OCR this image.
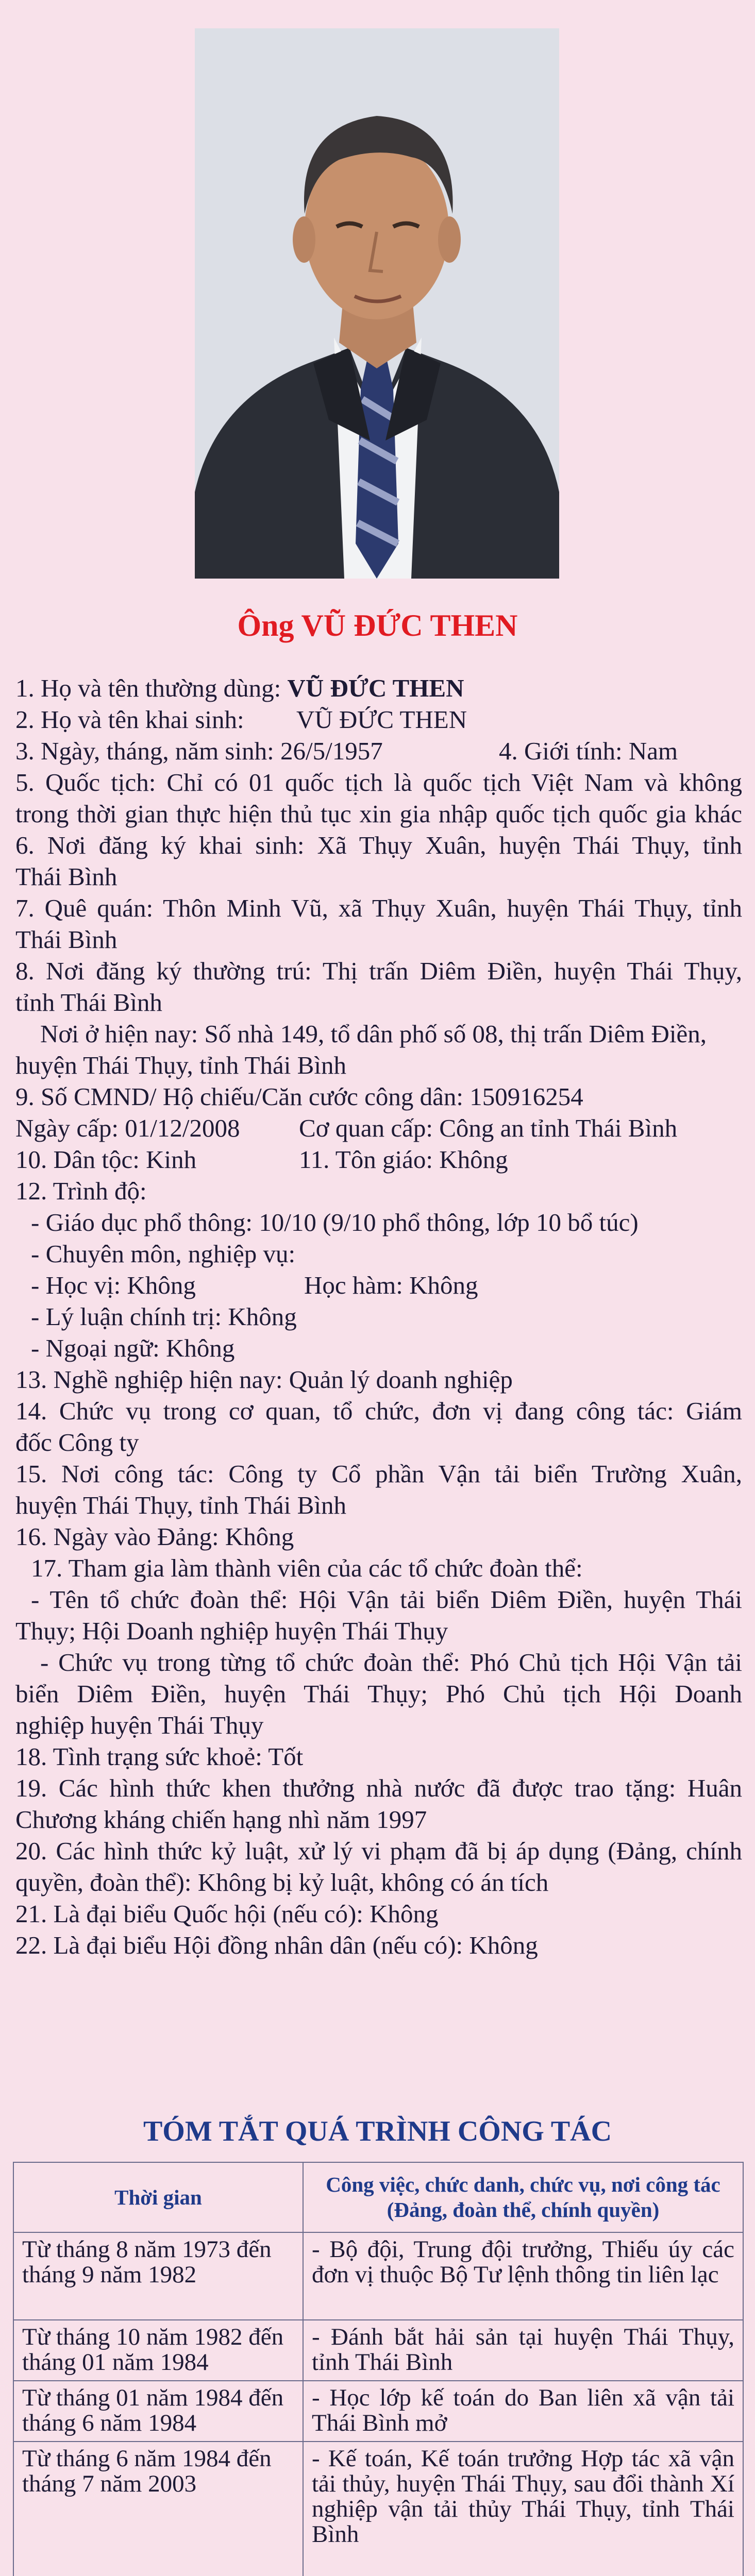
Ông VŨ ĐỨC THEN
1. Họ và tên thường dùng: VŨ ĐỨC THEN
2. Họ và tên khai sinh: VŨ ĐỨC THEN
3. Ngày, tháng, năm sinh: 26/5/1957	4. Giới tính: Nam
5. Quốc tịch: Chỉ có 01 quốc tịch là quốc tịch Việt Nam và không
trong thời gian thực hiện thủ tục xin gia nhập quốc tịch quốc gia khác
6. Nơi đăng ký khai sinh: Xã Thụy Xuân, huyện Thái Thụy, tỉnh
Thái Bình
7. Quê quán: Thôn Minh Vũ, xã Thụy Xuân, huyện Thái Thụy, tỉnh
Thái Bình
8. Nơi đăng ký thường trú: Thị trấn Diêm Điền, huyện Thái Thụy,
tỉnh Thái Bình
Nơi ở hiện nay: Số nhà 149, tổ dân phố số 08, thị trấn Diêm Điền,
huyện Thái Thụy, tỉnh Thái Bình
9. Số CMND/ Hộ chiếu/Căn cước công dân: 150916254
Ngày cấp: 01/12/2008 Cơ quan cấp: Công an tỉnh Thái Bình
10. Dân tộc: Kinh	11. Tôn giáo: Không
12. Trình độ:
- Giáo dục phổ thông: 10/10 (9/10 phổ thông, lớp 10 bổ túc)
- Chuyên môn, nghiệp vụ:
- Học vị: Không	Học hàm: Không
- Lý luận chính trị: Không
- Ngoại ngữ: Không
13. Nghề nghiệp hiện nay: Quản lý doanh nghiệp
14. Chức vụ trong cơ quan, tổ chức, đơn vị đang công tác: Giám
đốc Công ty
15. Nơi công tác: Công ty Cổ phần Vận tải biển Trường Xuân,
huyện Thái Thụy, tỉnh Thái Bình
16. Ngày vào Đảng: Không
17. Tham gia làm thành viên của các tổ chức đoàn thể:
- Tên tổ chức đoàn thể: Hội Vận tải biển Diêm Điền, huyện Thái
Thụy; Hội Doanh nghiệp huyện Thái Thụy
- Chức vụ trong từng tổ chức đoàn thể: Phó Chủ tịch Hội Vận tải
biển Diêm Điền, huyện Thái Thụy; Phó Chủ tịch Hội Doanh
nghiệp huyện Thái Thụy
18. Tình trạng sức khoẻ: Tốt
19. Các hình thức khen thưởng nhà nước đã được trao tặng: Huân
Chương kháng chiến hạng nhì năm 1997
20. Các hình thức kỷ luật, xử lý vi phạm đã bị áp dụng (Đảng, chính
quyền, đoàn thể): Không bị kỷ luật, không có án tích
21. Là đại biểu Quốc hội (nếu có): Không
22. Là đại biểu Hội đồng nhân dân (nếu có): Không
TÓM TẮT QUÁ TRÌNH CÔNG TÁC
Thời gian	Công việc, chức danh, chức vụ, nơi công tác (Đảng, đoàn thể, chính quyền)
Từ tháng 8 năm 1973 đến tháng 9 năm 1982	- Bộ đội, Trung đội trưởng, Thiếu úy các đơn vị thuộc Bộ Tư lệnh thông tin liên lạc
Từ tháng 10 năm 1982 đến tháng 01 năm 1984	- Đánh bắt hải sản tại huyện Thái Thụy, tỉnh Thái Bình
Từ tháng 01 năm 1984 đến tháng 6 năm 1984	- Học lớp kế toán do Ban liên xã vận tải Thái Bình mở
Từ tháng 6 năm 1984 đến tháng 7 năm 2003	- Kế toán, Kế toán trưởng Hợp tác xã vận tải thủy, huyện Thái Thụy, sau đổi thành Xí nghiệp vận tải thủy Thái Thụy, tỉnh Thái Bình
